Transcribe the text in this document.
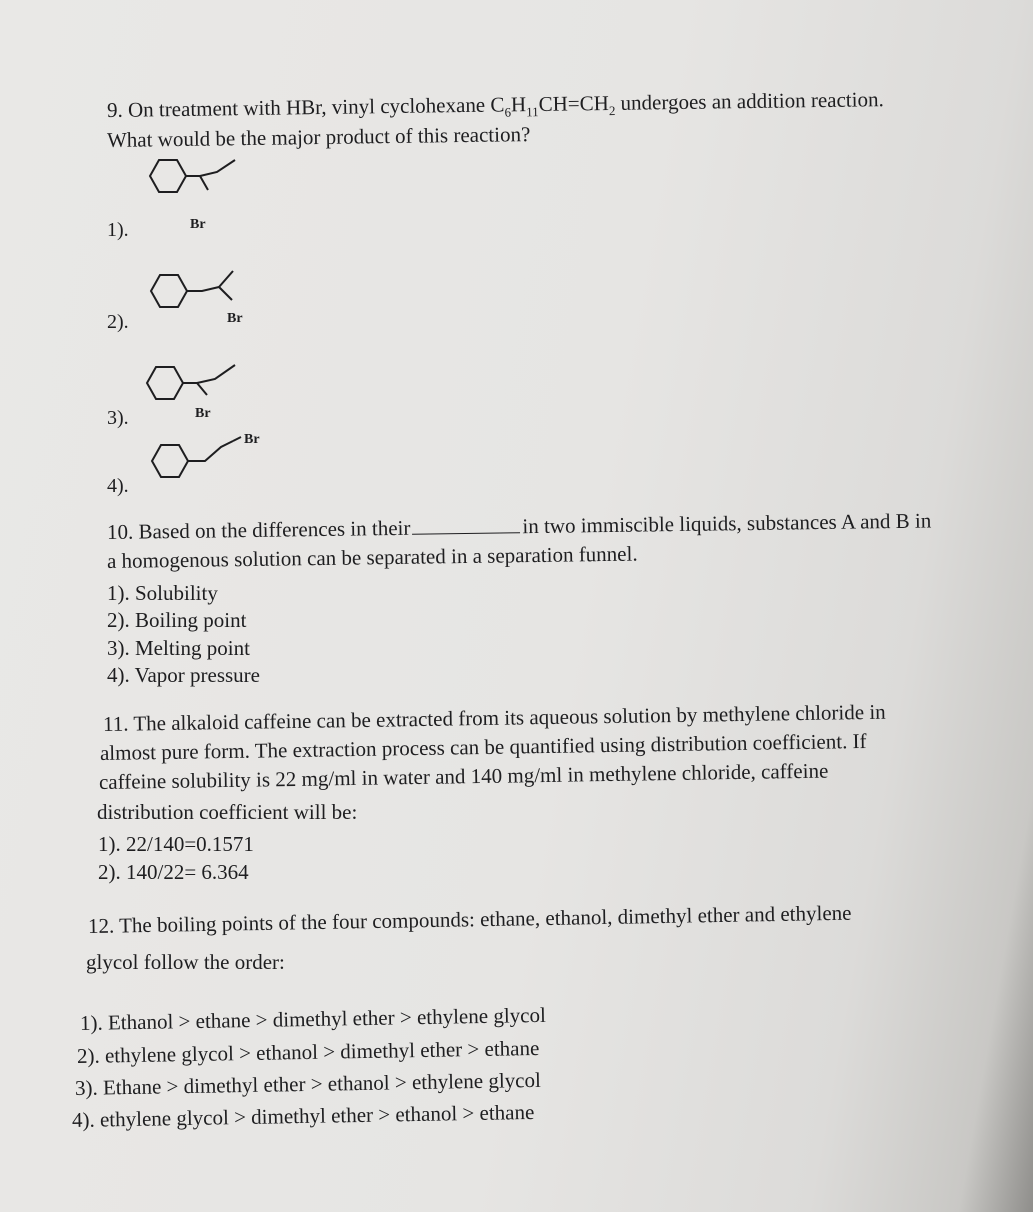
9. On treatment with HBr, vinyl cyclohexane $C_6H_{11}CH=CH_2$ undergoes an addition reaction.
What would be the major product of this reaction?
1).	Br
2).	Br
3).	Br
4).
Br
10. Based on the differences in their	in two immiscible liquids, substances A and B in
a homogenous solution can be separated in a separation funnel.
1). Solubility
2). Boiling point
3). Melting point
4). Vapor pressure
11. The alkaloid caffeine can be extracted from its aqueous solution by methylene chloride in
almost pure form. The extraction process can be quantified using distribution coefficient. If
caffeine solubility is 22 mg/ml in water and 140 mg/ml in methylene chloride, caffeine
distribution coefficient will be:
1). 22/140=0.1571
2). 140/22= 6.364
12. The boiling points of the four compounds: ethane, ethanol, dimethyl ether and ethylene
glycol follow the order:
1). Ethanol > ethane > dimethyl ether > ethylene glycol
2). ethylene glycol > ethanol > dimethyl ether > ethane
3). Ethane > dimethyl ether > ethanol > ethylene glycol
4). ethylene glycol > dimethyl ether > ethanol > ethane
